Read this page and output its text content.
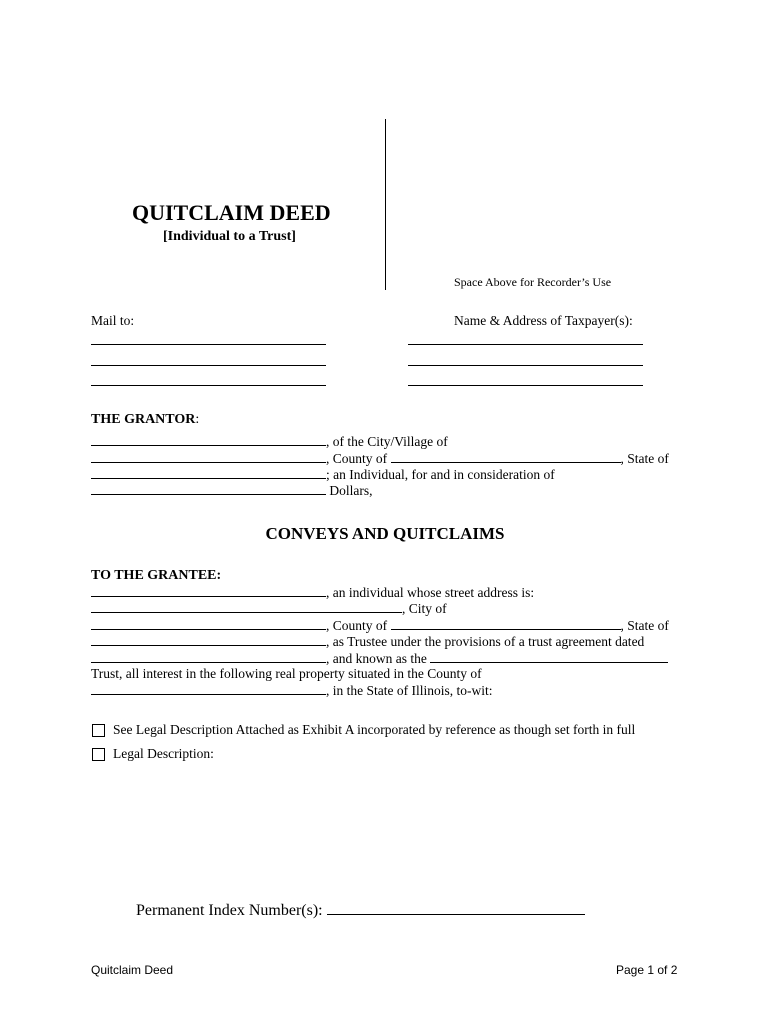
QUITCLAIM DEED
[Individual to a Trust]
Space Above for Recorder’s Use
Mail to:	Name & Address of Taxpayer(s):
THE GRANTOR:
, of the City/Village of
, County of	, State of
; an Individual, for and in consideration of
Dollars,
CONVEYS AND QUITCLAIMS
TO THE GRANTEE:
, an individual whose street address is:
, City of
, County of	, State of
, as Trustee under the provisions of a trust agreement dated
, and known as the
Trust, all interest in the following real property situated in the County of
, in the State of Illinois, to-wit:
See Legal Description Attached as Exhibit A incorporated by reference as though set forth in full
Legal Description:
Permanent Index Number(s):
Quitclaim Deed	Page 1 of 2
